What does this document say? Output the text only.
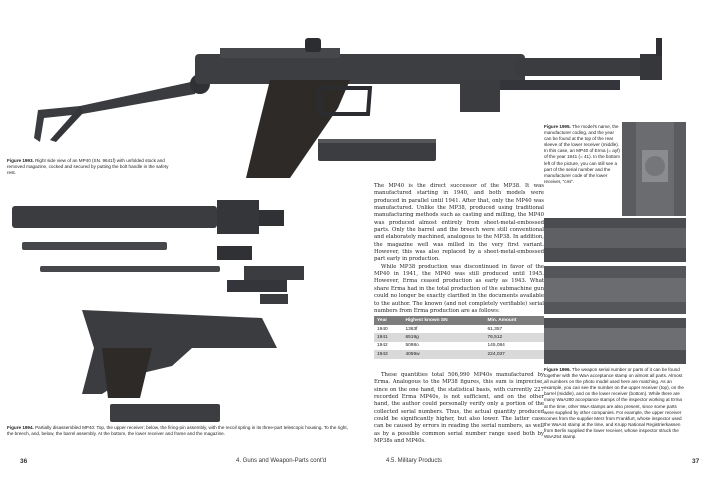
Figure 1993. Right side view of an MP40 (SN. 9641f) with unfolded stock and removed magazine, cocked and secured by putting the bolt handle in the safety rest.
Figure 1994. Partially disassembled MP40: Top, the upper receiver; below, the firing-pin assembly, with the recoil spring in its three-part telescopic housing. To the right, the breech, and, below, the barrel assembly. At the bottom, the lower receiver and frame and the magazine.

The MP40 is the direct successor of the MP38. It was manufactured starting in 1940, and both models were produced in parallel until 1941. After that, only the MP40 was manufactured. Unlike the MP38, produced using traditional manufacturing methods such as casting and milling, the MP40 was produced almost entirely from sheet-metal-embossed parts. Only the barrel and the breech were still conventional and elaborately machined, analogous to the MP38. In addition, the magazine well was milled in the very first variant. However, this was also replaced by a sheet-metal-embossed part early in production.

While MP38 production was discontinued in favor of the MP40 in 1941, the MP40 was still produced until 1945. However, Erma ceased production as early as 1943. What share Erma had in the total production of the submachine gun could no longer be exactly clarified in the documents available to the author. The known (and not completely verifiable) serial numbers from Erma production are as follows:

Year	Highest known SN	Min. Amount
1940	1363f	61,357
1941	6519g	76,512
1942	5098o	145,084
1943	4059w	224,037

These quantities total 506,990 MP40s manufactured by Erma. Analogous to the MP38 figures, this sum is imprecise, since on the one hand, the statistical basis, with currently 227 recorded Erma MP40s, is not sufficient, and on the other hand, the author could personally verify only a portion of the collected serial numbers. Thus, the actual quantity produced could be significantly higher, but also lower. The latter case can be caused by errors in reading the serial numbers, as well as by a possible common serial number range used both by MP38s and MP40s.

Figure 1995. The model's name, the manufacturer coding, and the year can be found at the top of the rear sleeve of the lower receiver (middle). In this case, an MP40 of Erma (= ayf) of the year 1941 (= 41). In the bottom left of the picture, you can still see a part of the serial number and the manufacturer code of the lower receiver, "cmi".
Figure 1996. The weapon serial number or parts of it can be found together with the WaA acceptance stamp on almost all parts. Almost all numbers on the photo model used here are matching. As an example, you can see the number on the upper receiver (top), on the barrel (middle), and on the lower receiver (bottom). While there are many WaA280 acceptance stamps of the inspector working at Erma at the time, other WaA stamps are also present, since some parts were supplied by other companies. For example, the upper receiver comes from the supplier Merz from Frankfurt, whose inspector used the WaA44 stamp at the time, and Krupp National Registrierkassen from Berlin supplied the lower receiver, whose inspector struck the WaA254 stamp.
36	4. Guns and Weapon-Parts cont'd	4.5. Military Products	37
